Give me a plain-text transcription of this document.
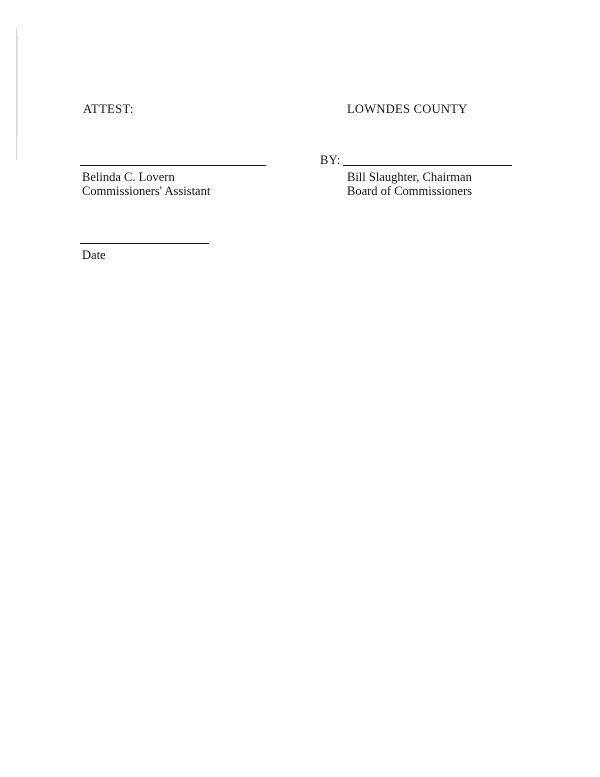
ATTEST:	LOWNDES COUNTY
Belinda C. Lovern
Commissioners' Assistant
BY:
Bill Slaughter, Chairman
Board of Commissioners
Date
